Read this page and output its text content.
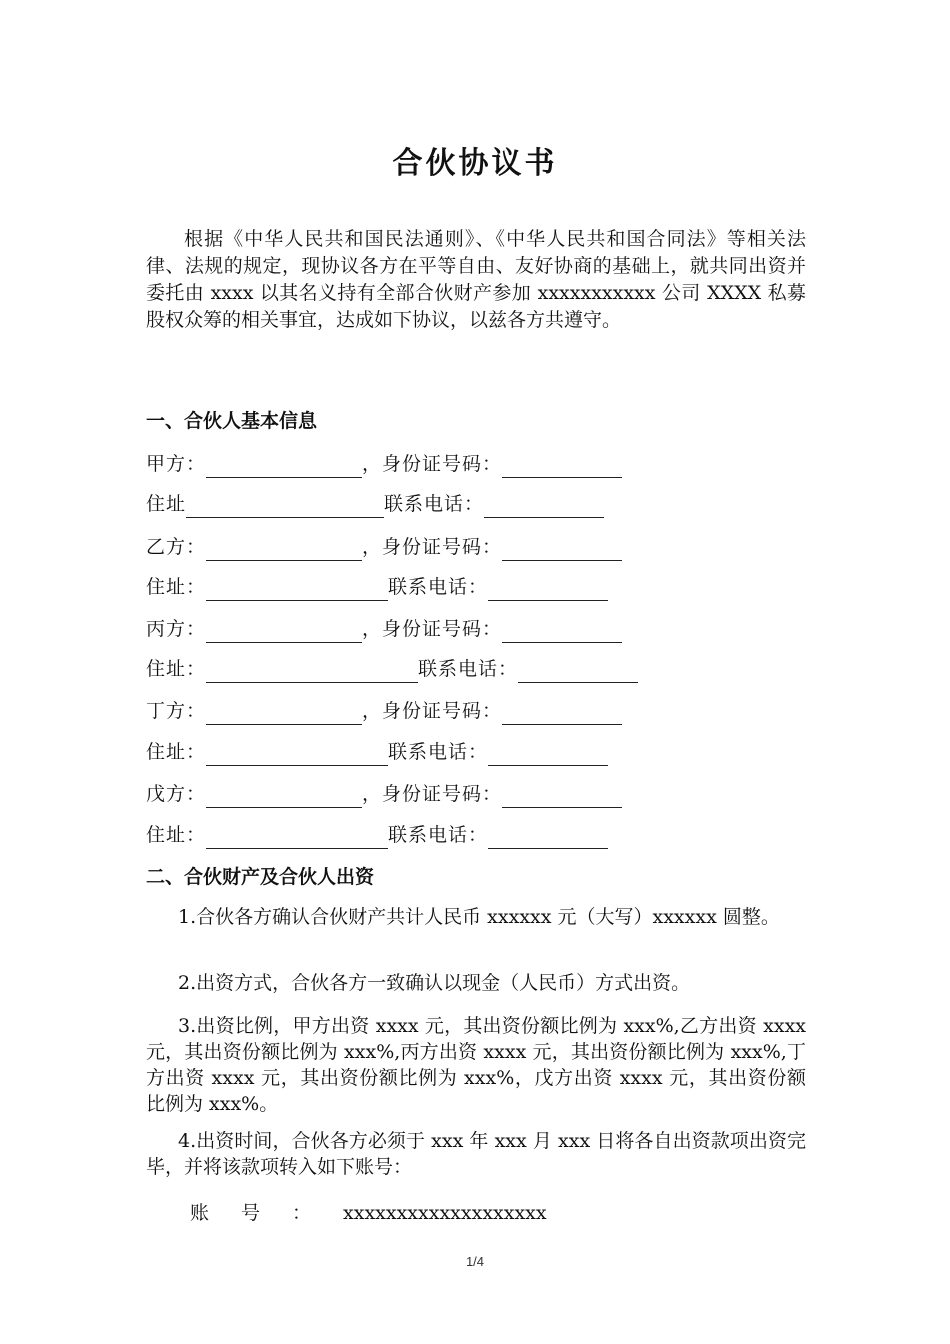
合伙协议书

根据《中华人民共和国民法通则》、《中华人民共和国合同法》等相关法律、法规的规定，现协议各方在平等自由、友好协商的基础上，就共同出资并委托由 xxxx 以其名义持有全部合伙财产参加 xxxxxxxxxxx 公司 XXXX 私募股权众筹的相关事宜，达成如下协议，以兹各方共遵守。

一、合伙人基本信息
甲方：	，身份证号码：
住址	联系电话：
乙方：	，身份证号码：
住址：	联系电话：
丙方：	，身份证号码：
住址：	联系电话：
丁方：	，身份证号码：
住址：	联系电话：
戊方：	，身份证号码：
住址：	联系电话：
二、合伙财产及合伙人出资

1.合伙各方确认合伙财产共计人民币 xxxxxx 元（大写）xxxxxx 圆整。

2.出资方式，合伙各方一致确认以现金（人民币）方式出资。

3.出资比例，甲方出资 xxxx 元，其出资份额比例为 xxx%,乙方出资 xxxx 元，其出资份额比例为 xxx%,丙方出资 xxxx 元，其出资份额比例为 xxx%,丁方出资 xxxx 元，其出资份额比例为 xxx%，戊方出资 xxxx 元，其出资份额比例为 xxx%。

4.出资时间，合伙各方必须于 xxx 年 xxx 月 xxx 日将各自出资款项出资完毕，并将该款项转入如下账号：

账号：xxxxxxxxxxxxxxxxxxx
1/4
